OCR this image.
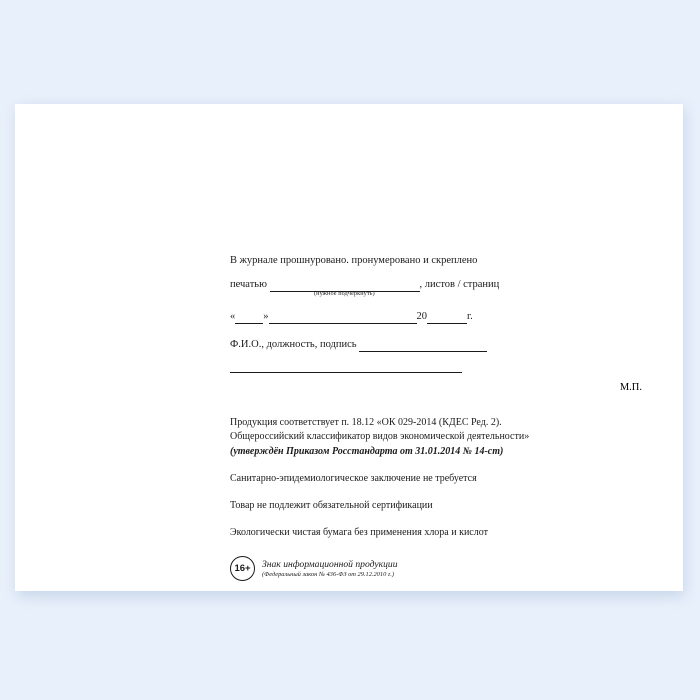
В журнале прошнуровано. пронумеровано и скреплено
печатью	, листов / страниц
(нужное подчеркнуть)
«	»	20	г.
Ф.И.О., должность, подпись
М.П.
Продукция соответствует п. 18.12 «ОК 029-2014 (КДЕС Ред. 2).
Общероссийский классификатор видов экономической деятельности»
(утверждён Приказом Росстандарта от 31.01.2014 № 14-ст)
Санитарно-эпидемиологическое заключение не требуется
Товар не подлежит обязательной сертификации
Экологически чистая бумага без применения хлора и кислот
16+	Знак информационной продукции
(Федеральный закон № 436-ФЗ от 29.12.2010 г.)
